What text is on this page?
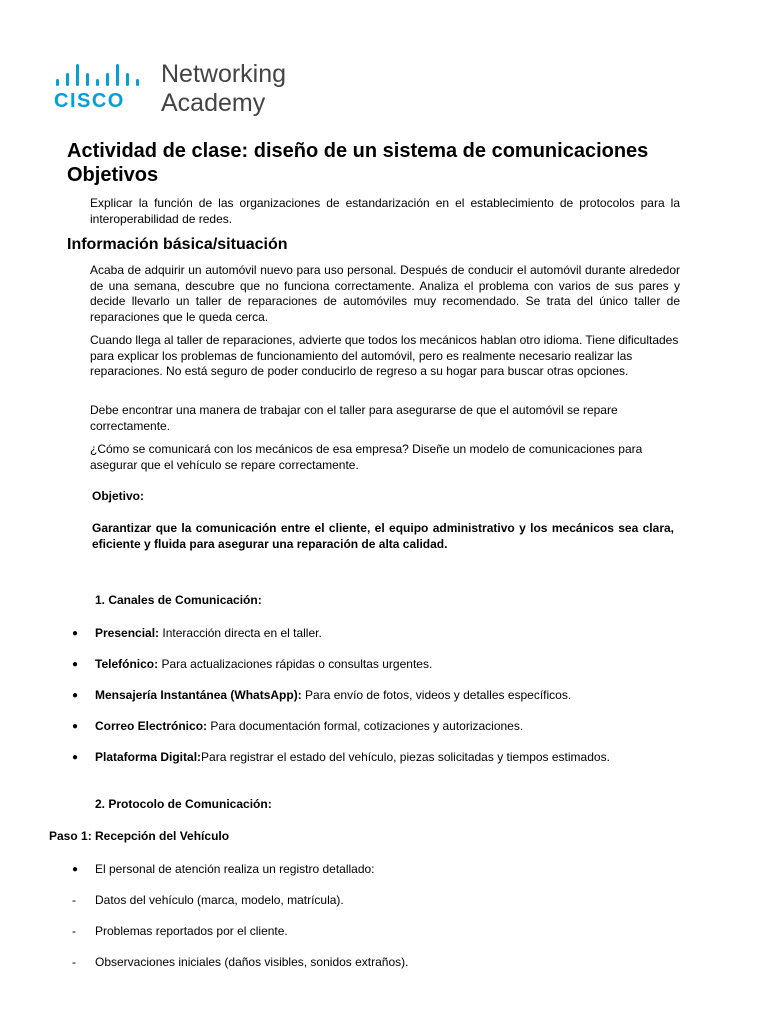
CISCO
Networking
Academy
Actividad de clase: diseño de un sistema de comunicaciones
Objetivos
Explicar la función de las organizaciones de estandarización en el establecimiento de protocolos para la interoperabilidad de redes.
Información básica/situación
Acaba de adquirir un automóvil nuevo para uso personal. Después de conducir el automóvil durante alrededor de una semana, descubre que no funciona correctamente. Analiza el problema con varios de sus pares y decide llevarlo un taller de reparaciones de automóviles muy recomendado. Se trata del único taller de reparaciones que le queda cerca.
Cuando llega al taller de reparaciones, advierte que todos los mecánicos hablan otro idioma. Tiene dificultades para explicar los problemas de funcionamiento del automóvil, pero es realmente necesario realizar las reparaciones. No está seguro de poder conducirlo de regreso a su hogar para buscar otras opciones.
Debe encontrar una manera de trabajar con el taller para asegurarse de que el automóvil se repare correctamente.
¿Cómo se comunicará con los mecánicos de esa empresa? Diseñe un modelo de comunicaciones para asegurar que el vehículo se repare correctamente.
Objetivo:
Garantizar que la comunicación entre el cliente, el equipo administrativo y los mecánicos sea clara, eficiente y fluida para asegurar una reparación de alta calidad.
1. Canales de Comunicación:
● Presencial: Interacción directa en el taller.
● Telefónico: Para actualizaciones rápidas o consultas urgentes.
● Mensajería Instantánea (WhatsApp): Para envío de fotos, videos y detalles específicos.
● Correo Electrónico: Para documentación formal, cotizaciones y autorizaciones.
● Plataforma Digital:Para registrar el estado del vehículo, piezas solicitadas y tiempos estimados.
2. Protocolo de Comunicación:
Paso 1: Recepción del Vehículo
● El personal de atención realiza un registro detallado:
- Datos del vehículo (marca, modelo, matrícula).
- Problemas reportados por el cliente.
- Observaciones iniciales (daños visibles, sonidos extraños).
